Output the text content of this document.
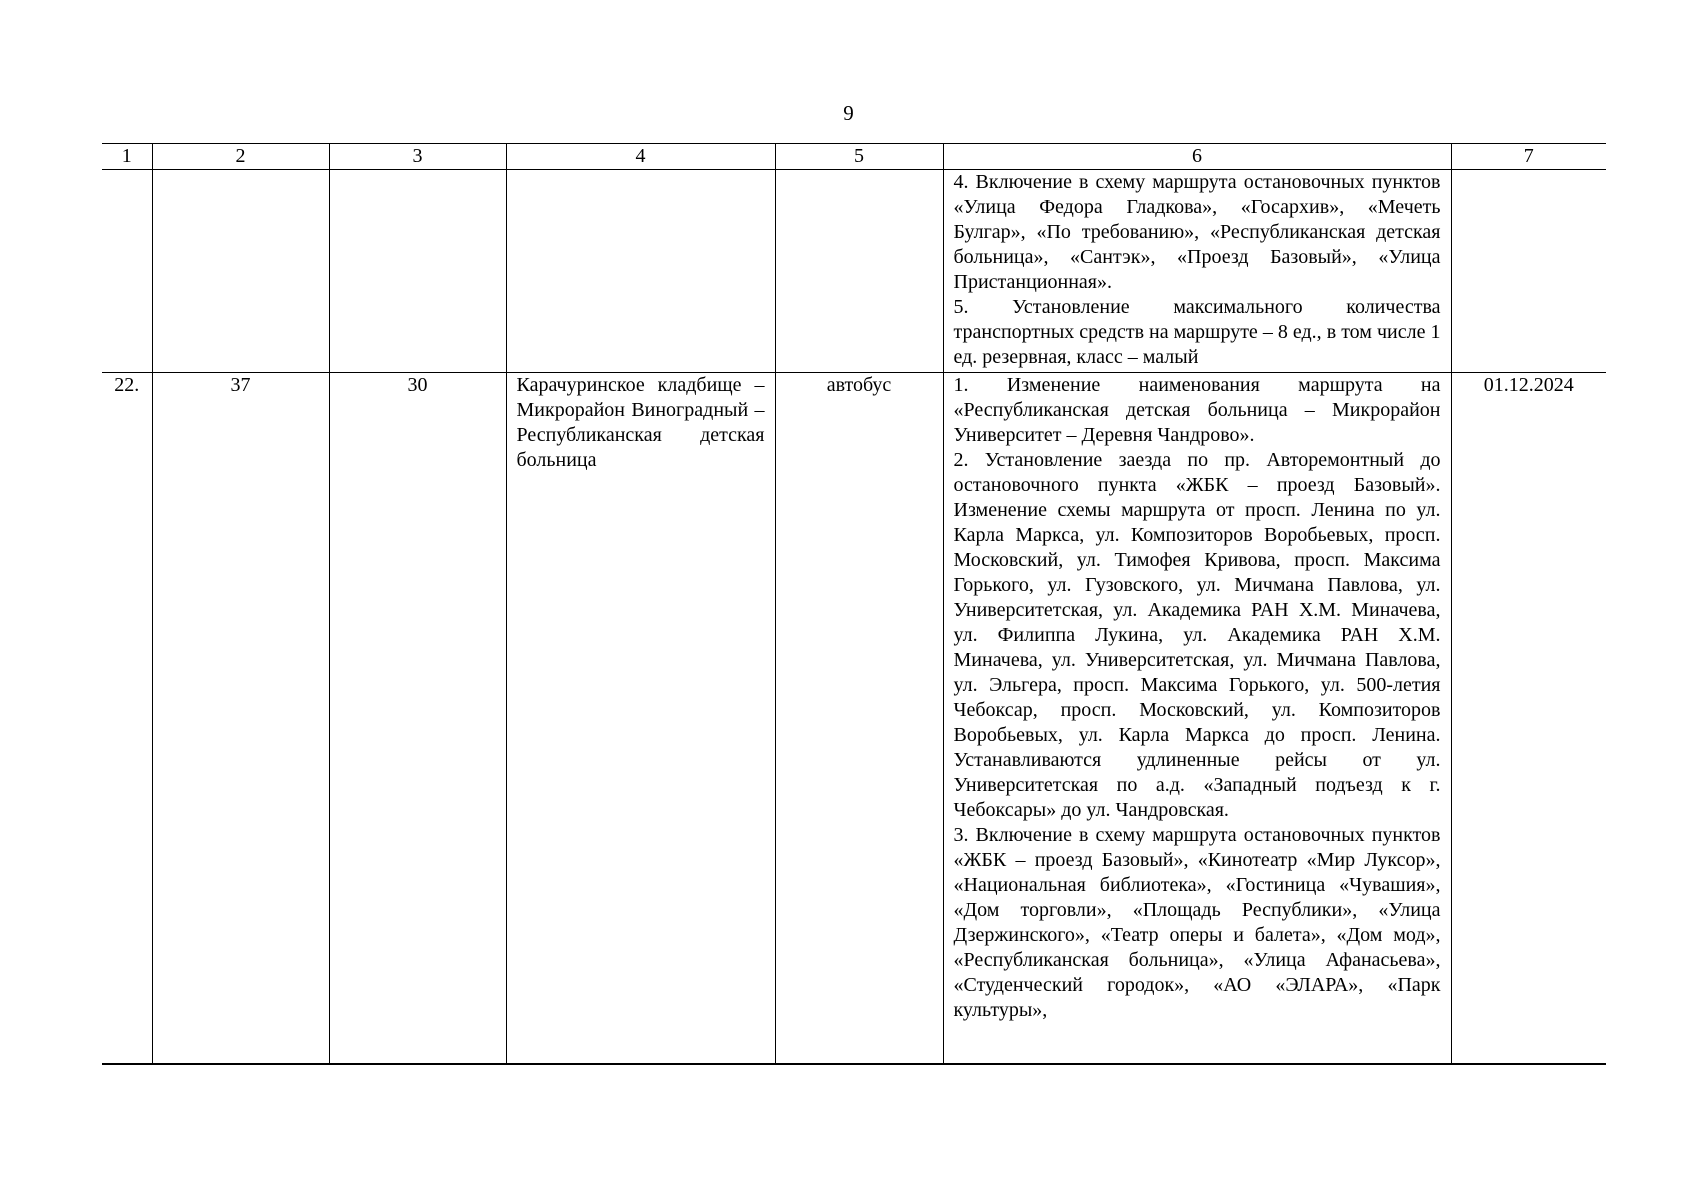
9
1	2	3	4	5	6	7

					4. Включение в схему маршрута остановочных пунктов «Улица Федора Гладкова», «Госархив», «Мечеть Булгар», «По требованию», «Республиканская детская больница», «Сантэк», «Проезд Базовый», «Улица Пристанционная».
5. Установление максимального количества транспортных средств на маршруте – 8 ед., в том числе 1 ед. резервная, класс – малый	

22.	37	30	Карачуринское кладбище – Микрорайон Виноградный – Республиканская детская больница	автобус	1. Изменение наименования маршрута на «Республиканская детская больница – Микрорайон Университет – Деревня Чандрово».
2. Установление заезда по пр. Авторемонтный до остановочного пункта «ЖБК – проезд Базовый». Изменение схемы маршрута от просп. Ленина по ул. Карла Маркса, ул. Композиторов Воробьевых, просп. Московский, ул. Тимофея Кривова, просп. Максима Горького, ул. Гузовского, ул. Мичмана Павлова, ул. Университетская, ул. Академика РАН Х.М. Миначева, ул. Филиппа Лукина, ул. Академика РАН Х.М. Миначева, ул. Университетская, ул. Мичмана Павлова, ул. Эльгера, просп. Максима Горького, ул. 500-летия Чебоксар, просп. Московский, ул. Композиторов Воробьевых, ул. Карла Маркса до просп. Ленина. Устанавливаются удлиненные рейсы от ул. Университетская по а.д. «Западный подъезд к г. Чебоксары» до ул. Чандровская.
3. Включение в схему маршрута остановочных пунктов «ЖБК – проезд Базовый», «Кинотеатр «Мир Луксор», «Национальная библиотека», «Гостиница «Чувашия», «Дом торговли», «Площадь Республики», «Улица Дзержинского», «Театр оперы и балета», «Дом мод», «Республиканская больница», «Улица Афанасьева», «Студенческий городок», «АО «ЭЛАРА», «Парк культуры»,	01.12.2024
